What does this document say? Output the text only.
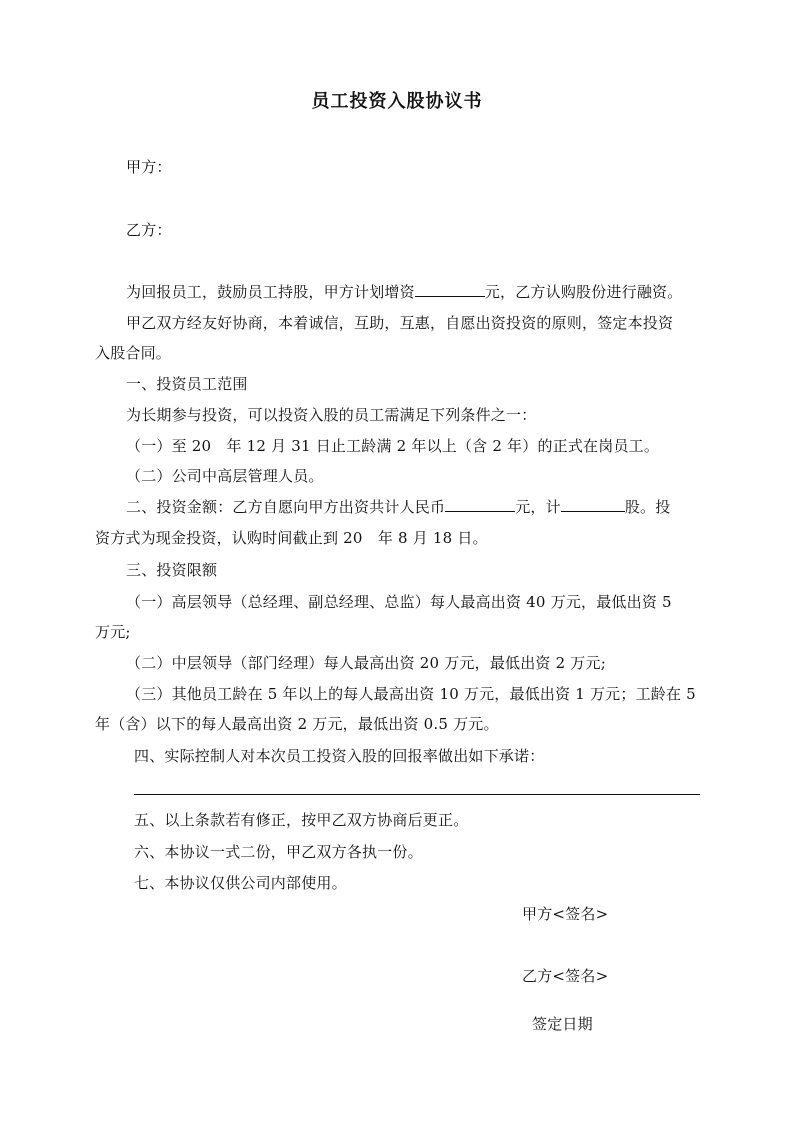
员工投资入股协议书
甲方：
乙方：
为回报员工，鼓励员工持股，甲方计划增资	元，乙方认购股份进行融资。
甲乙双方经友好协商，本着诚信，互助，互惠，自愿出资投资的原则，签定本投资
入股合同。
一、投资员工范围
为长期参与投资，可以投资入股的员工需满足下列条件之一：
（一）至 20　年 12 月 31 日止工龄满 2 年以上（含 2 年）的正式在岗员工。
（二）公司中高层管理人员。
二、投资金额：乙方自愿向甲方出资共计人民币	元，计	股。投
资方式为现金投资，认购时间截止到 20　年 8 月 18 日。
三、投资限额
（一）高层领导（总经理、副总经理、总监）每人最高出资 40 万元，最低出资 5
万元;
（二）中层领导（部门经理）每人最高出资 20 万元，最低出资 2 万元;
（三）其他员工龄在 5 年以上的每人最高出资 10 万元，最低出资 1 万元；工龄在 5
年（含）以下的每人最高出资 2 万元，最低出资 0.5 万元。
四、实际控制人对本次员工投资入股的回报率做出如下承诺：
五、以上条款若有修正，按甲乙双方协商后更正。
六、本协议一式二份，甲乙双方各执一份。
七、本协议仅供公司内部使用。
甲方<签名>
乙方<签名>
签定日期
